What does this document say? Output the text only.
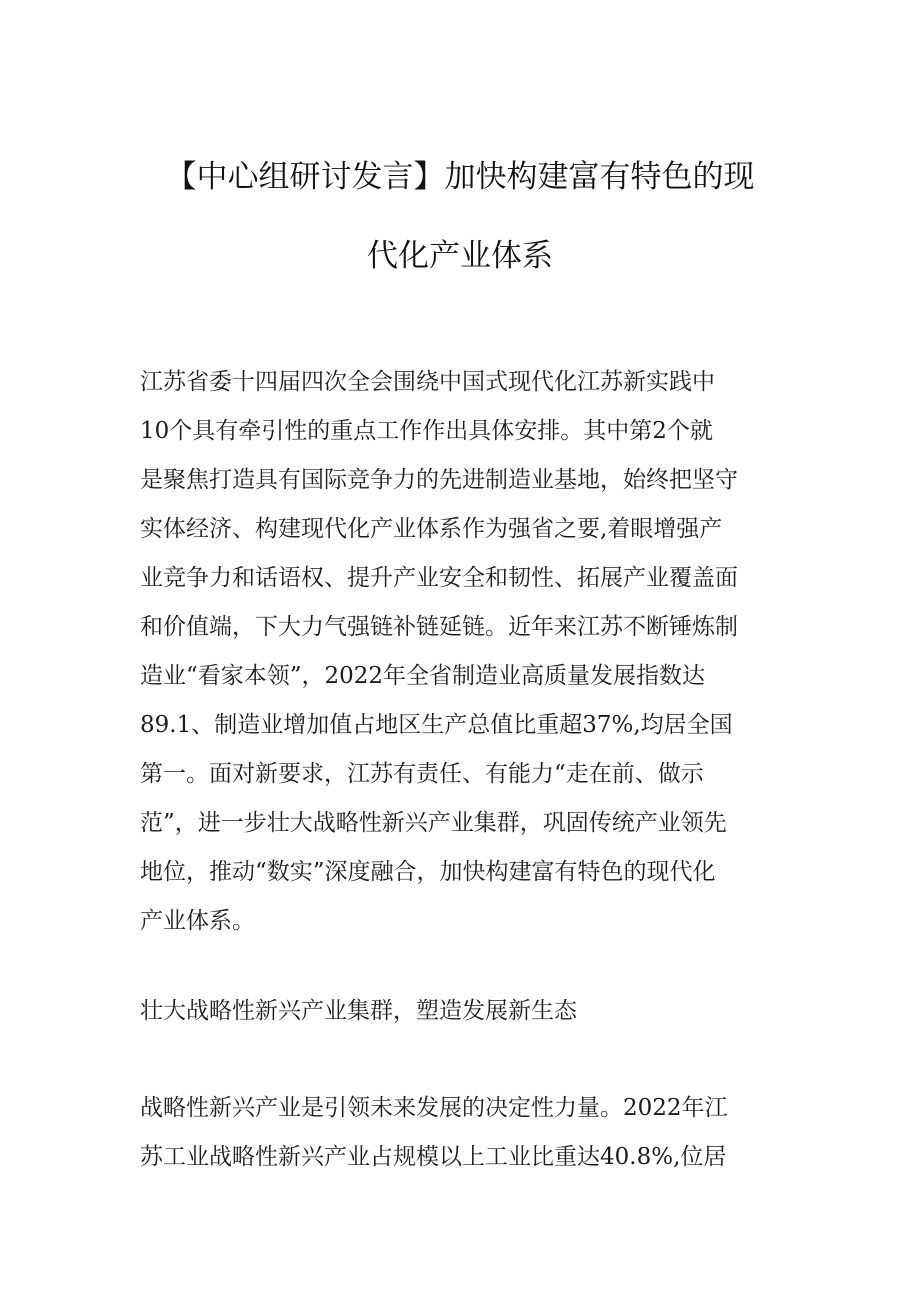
【中心组研讨发言】加快构建富有特色的现
代化产业体系
江苏省委十四届四次全会围绕中国式现代化江苏新实践中
10个具有牵引性的重点工作作出具体安排。其中第2个就
是聚焦打造具有国际竞争力的先进制造业基地，始终把坚守
实体经济、构建现代化产业体系作为强省之要,着眼增强产
业竞争力和话语权、提升产业安全和韧性、拓展产业覆盖面
和价值端，下大力气强链补链延链。近年来江苏不断锤炼制
造业“看家本领”，2022年全省制造业高质量发展指数达
89.1、制造业增加值占地区生产总值比重超37%,均居全国
第一。面对新要求，江苏有责任、有能力“走在前、做示
范”，进一步壮大战略性新兴产业集群，巩固传统产业领先
地位，推动“数实”深度融合，加快构建富有特色的现代化
产业体系。
壮大战略性新兴产业集群，塑造发展新生态
战略性新兴产业是引领未来发展的决定性力量。2022年江
苏工业战略性新兴产业占规模以上工业比重达40.8%,位居
